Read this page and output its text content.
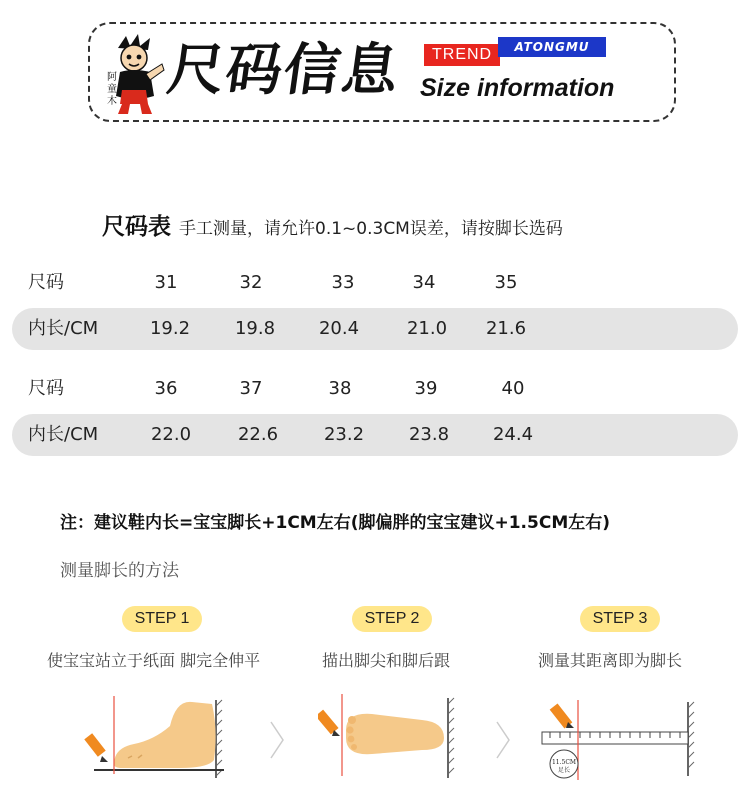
阿
童
木 尺码信息	TREND	ATONGMU
Size information
尺码表 手工测量，请允许0.1~0.3CM误差，请按脚长选码
尺码	31	32	33	34	35
内长/CM	19.2	19.8	20.4	21.0	21.6
尺码	36	37	38	39	40
内长/CM	22.0	22.6	23.2	23.8	24.4
注：建议鞋内长=宝宝脚长+1CM左右(脚偏胖的宝宝建议+1.5CM左右)
测量脚长的方法
STEP 1	STEP 2	STEP 3
使宝宝站立于纸面 脚完全伸平	描出脚尖和脚后跟	测量其距离即为脚长
11.5CM
足长
